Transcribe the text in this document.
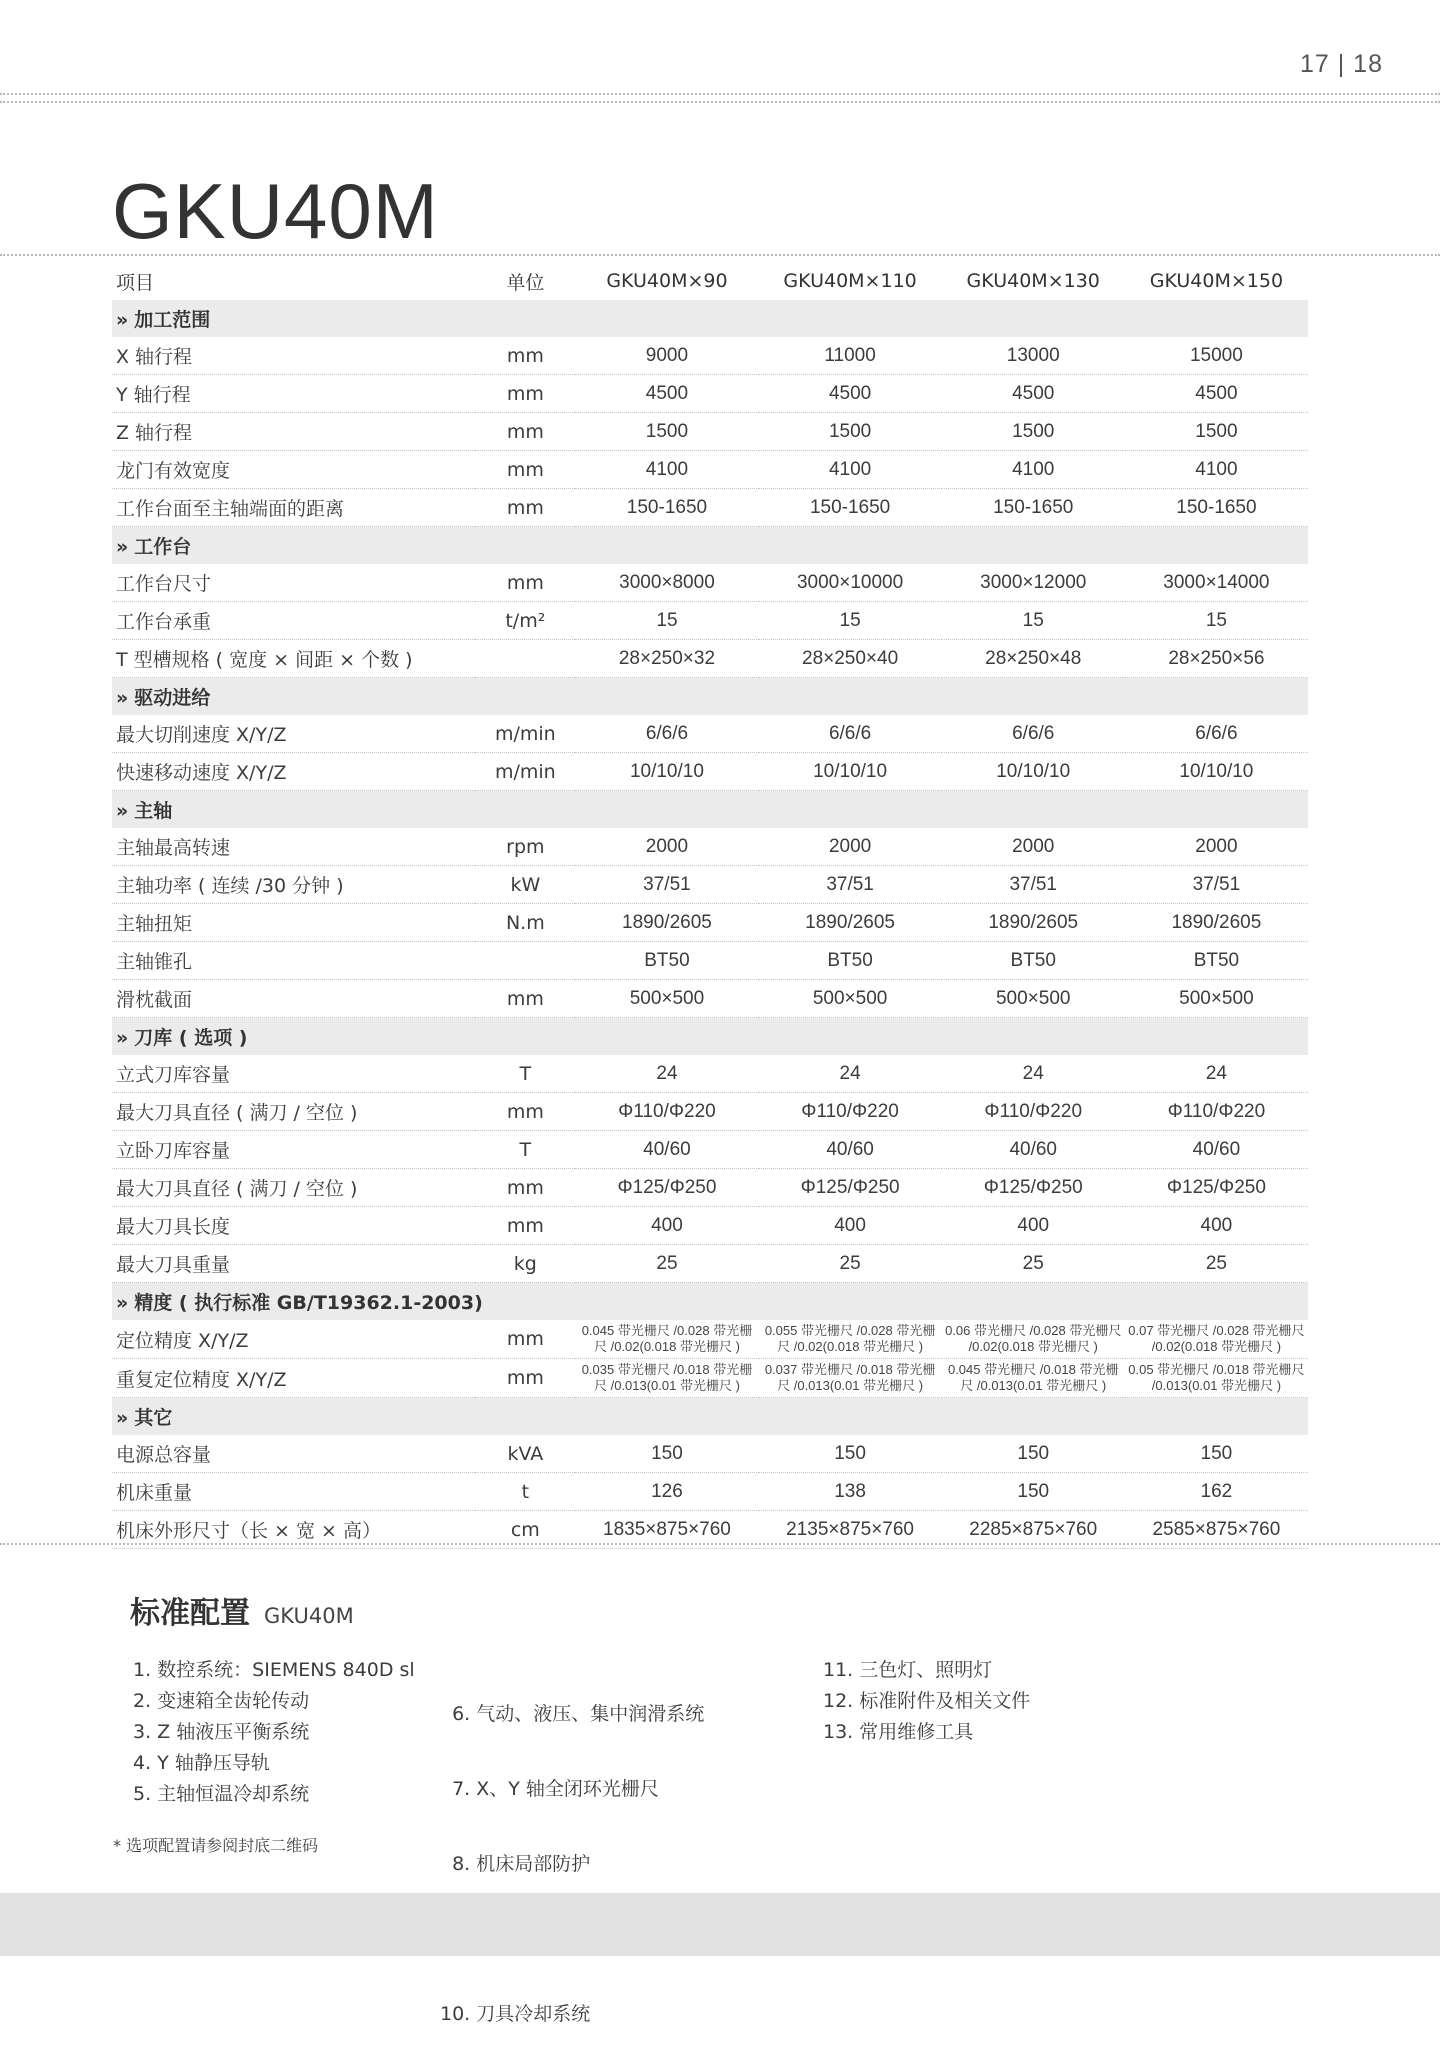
17 | 18
GKU40M
项目	单位	GKU40M×90	GKU40M×110	GKU40M×130	GKU40M×150
» 加工范围					
X 轴行程	mm	9000	11000	13000	15000
Y 轴行程	mm	4500	4500	4500	4500
Z 轴行程	mm	1500	1500	1500	1500
龙门有效宽度	mm	4100	4100	4100	4100
工作台面至主轴端面的距离	mm	150-1650	150-1650	150-1650	150-1650
» 工作台					
工作台尺寸	mm	3000×8000	3000×10000	3000×12000	3000×14000
工作台承重	t/m²	15	15	15	15
T 型槽规格 ( 宽度 × 间距 × 个数 )		28×250×32	28×250×40	28×250×48	28×250×56
» 驱动进给					
最大切削速度 X/Y/Z	m/min	6/6/6	6/6/6	6/6/6	6/6/6
快速移动速度 X/Y/Z	m/min	10/10/10	10/10/10	10/10/10	10/10/10
» 主轴					
主轴最高转速	rpm	2000	2000	2000	2000
主轴功率 ( 连续 /30 分钟 )	kW	37/51	37/51	37/51	37/51
主轴扭矩	N.m	1890/2605	1890/2605	1890/2605	1890/2605
主轴锥孔		BT50	BT50	BT50	BT50
滑枕截面	mm	500×500	500×500	500×500	500×500
» 刀库 ( 选项 )					
立式刀库容量	T	24	24	24	24
最大刀具直径 ( 满刀 / 空位 )	mm	Φ110/Φ220	Φ110/Φ220	Φ110/Φ220	Φ110/Φ220
立卧刀库容量	T	40/60	40/60	40/60	40/60
最大刀具直径 ( 满刀 / 空位 )	mm	Φ125/Φ250	Φ125/Φ250	Φ125/Φ250	Φ125/Φ250
最大刀具长度	mm	400	400	400	400
最大刀具重量	kg	25	25	25	25
» 精度 ( 执行标准 GB/T19362.1-2003)					
定位精度 X/Y/Z	mm	0.045 带光栅尺 /0.028 带光栅尺 /0.02(0.018 带光栅尺 )	0.055 带光栅尺 /0.028 带光栅尺 /0.02(0.018 带光栅尺 )	0.06 带光栅尺 /0.028 带光栅尺 /0.02(0.018 带光栅尺 )	0.07 带光栅尺 /0.028 带光栅尺 /0.02(0.018 带光栅尺 )
重复定位精度 X/Y/Z	mm	0.035 带光栅尺 /0.018 带光栅尺 /0.013(0.01 带光栅尺 )	0.037 带光栅尺 /0.018 带光栅尺 /0.013(0.01 带光栅尺 )	0.045 带光栅尺 /0.018 带光栅尺 /0.013(0.01 带光栅尺 )	0.05 带光栅尺 /0.018 带光栅尺 /0.013(0.01 带光栅尺 )
» 其它					
电源总容量	kVA	150	150	150	150
机床重量	t	126	138	150	162
机床外形尺寸（长 × 宽 × 高）	cm	1835×875×760	2135×875×760	2285×875×760	2585×875×760
标准配置 GKU40M
1. 数控系统：SIEMENS 840D sl
2. 变速箱全齿轮传动
3. Z 轴液压平衡系统
4. Y 轴静压导轨
5. 主轴恒温冷却系统

6. 气动、液压、集中润滑系统

7. X、Y 轴全闭环光栅尺

8. 机床局部防护

10. 刀具冷却系统

11. 三色灯、照明灯
12. 标准附件及相关文件
13. 常用维修工具
* 选项配置请参阅封底二维码
